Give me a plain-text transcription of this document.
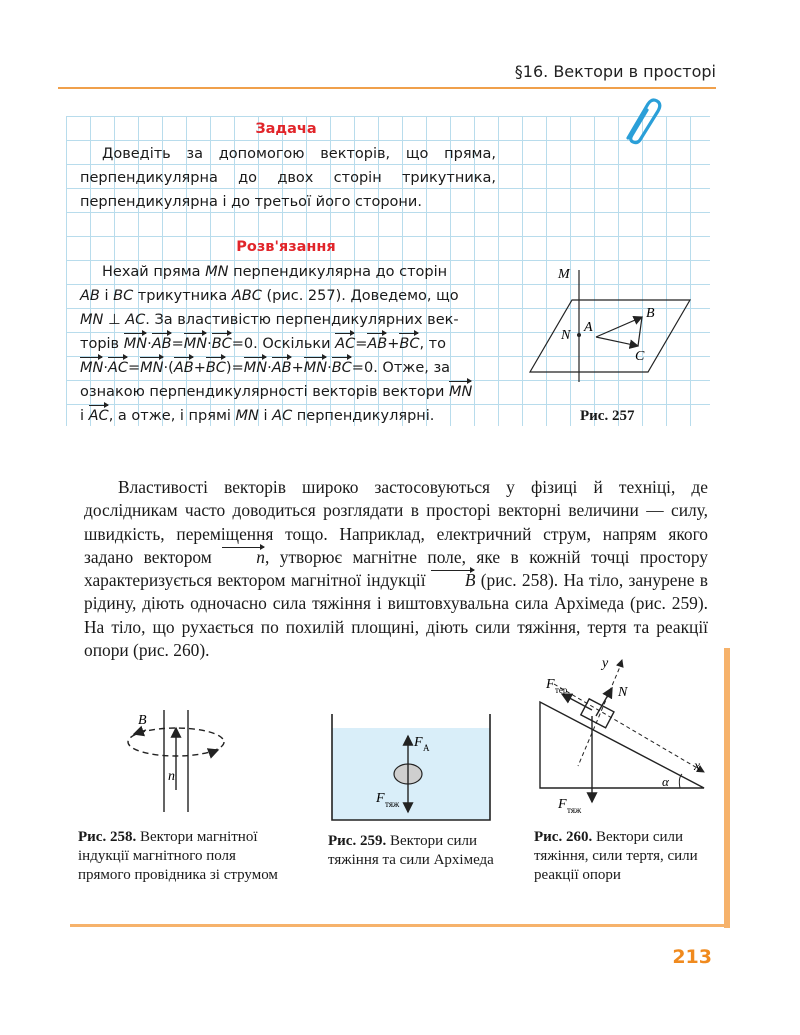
§16. Вектори в просторі
Задача

Доведіть за допомогою векторів, що пряма, перпендикулярна до двох сторін трикутника, перпендикулярна і до третьої його сторони.

Розв'язання

Нехай пряма MN перпендикулярна до сторін

AB і BC трикутника ABC (рис. 257). Доведемо, що
MN ⊥ AC. За властивістю перпендикулярних век-
торів MN·AB=MN·BC=0. Оскільки AC=AB+BC, то
MN·AC=MN·(AB+BC)=MN·AB+MN·BC=0. Отже, за
ознакою перпендикулярності векторів вектори MN
і AC, а отже, і прямі MN і AC перпендикулярні.
M
N
A
B
C
Рис. 257

Властивості векторів широко застосовуються у фізиці й техніці, де дослідникам часто доводиться розглядати в просторі векторні величини — силу, швидкість, переміщення тощо. Наприклад, електричний струм, напрям якого задано вектором n, утворює магнітне поле, яке в кожній точці простору характеризується вектором магнітної індукції B (рис. 258). На тіло, занурене в рідину, діють одночасно сила тяжіння і виштовхувальна сила Архімеда (рис. 259). На тіло, що рухається по похилій площині, діють сили тяжіння, тертя та реакції опори (рис. 260).

B
n
Рис. 258. Вектори магнітної індукції магнітного поля прямого провідника зі струмом
F A
F тяж
Рис. 259. Вектори сили тяжіння та сили Архімеда
y
x
N
F тер
F тяж
α
Рис. 260. Вектори сили тяжіння, сили тертя, сили реакції опори
213
